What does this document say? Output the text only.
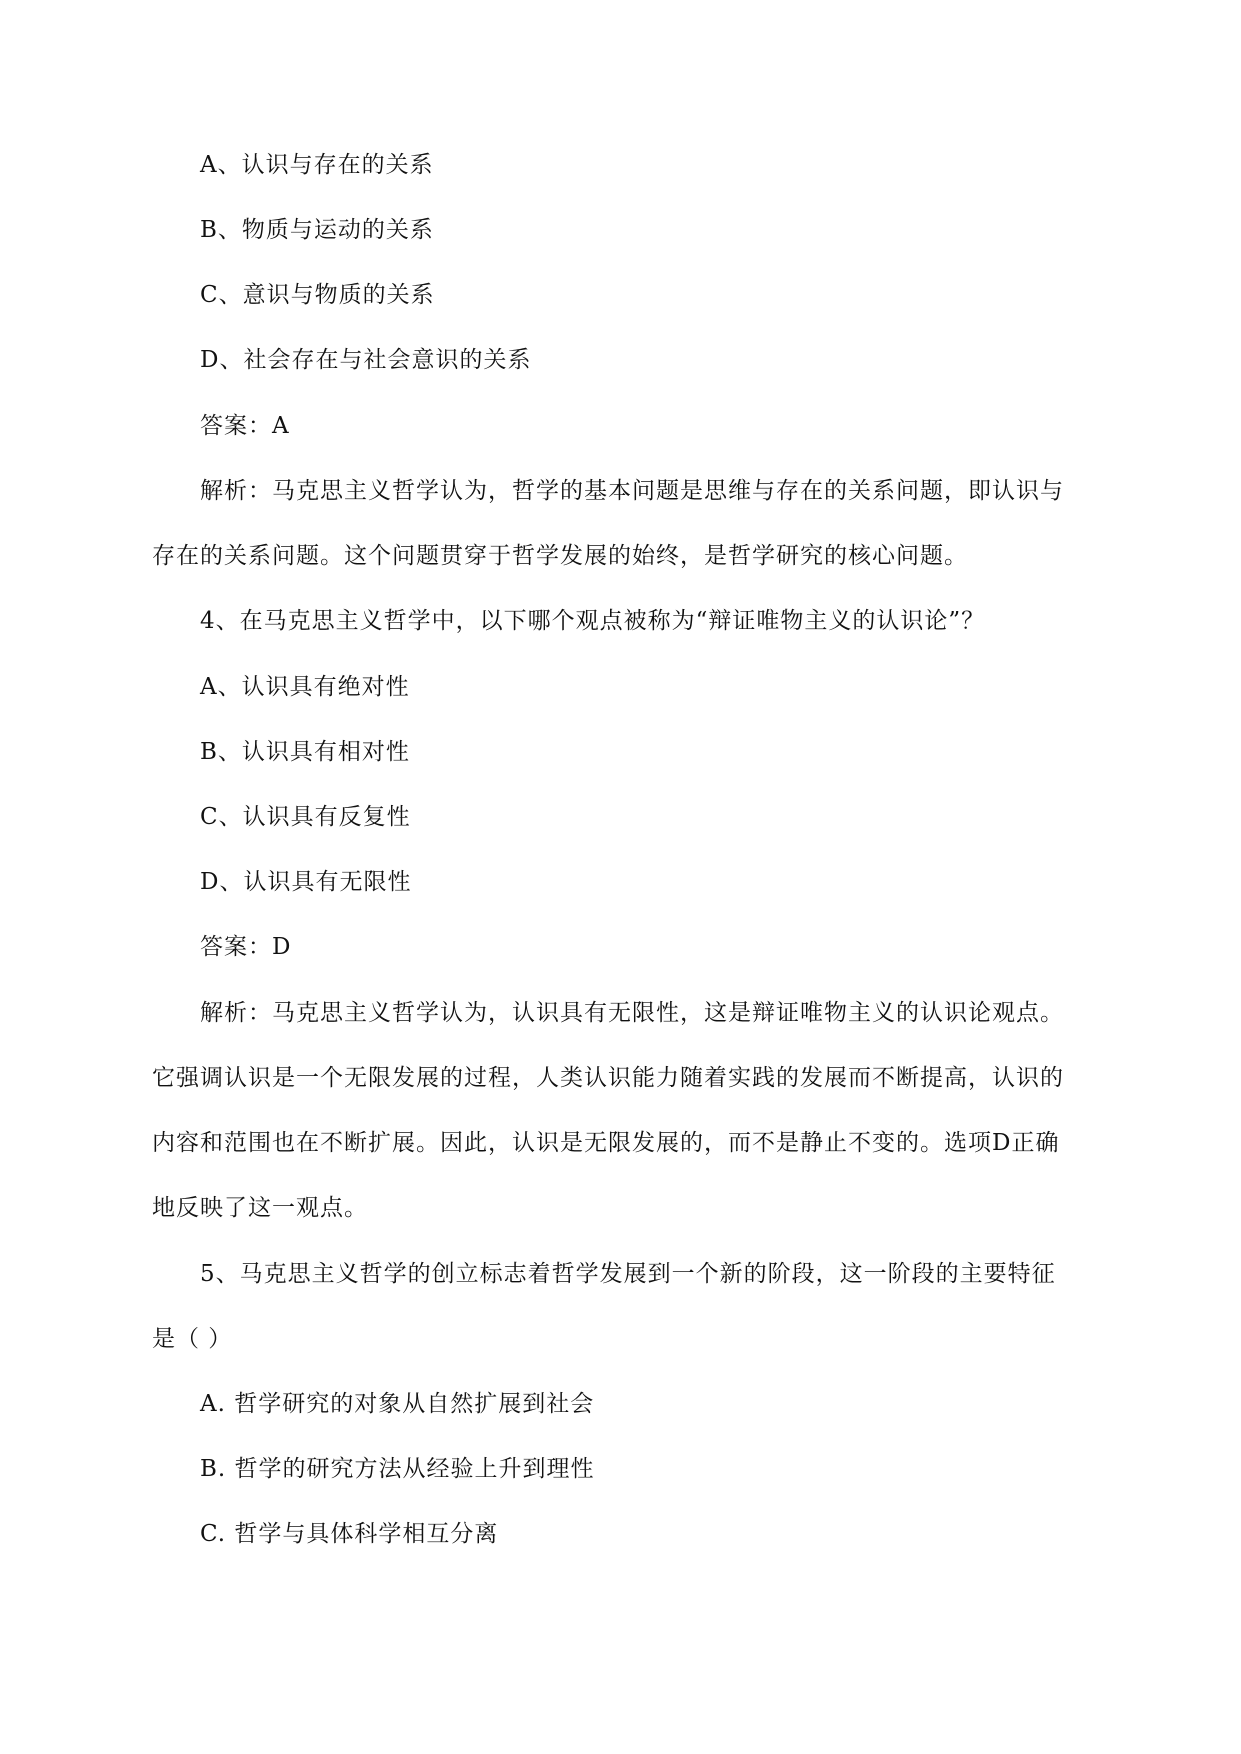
A、认识与存在的关系
B、物质与运动的关系
C、意识与物质的关系
D、社会存在与社会意识的关系
答案：A
解析：马克思主义哲学认为，哲学的基本问题是思维与存在的关系问题，即认识与
存在的关系问题。这个问题贯穿于哲学发展的始终，是哲学研究的核心问题。
4、在马克思主义哲学中，以下哪个观点被称为“辩证唯物主义的认识论”？
A、认识具有绝对性
B、认识具有相对性
C、认识具有反复性
D、认识具有无限性
答案：D
解析：马克思主义哲学认为，认识具有无限性，这是辩证唯物主义的认识论观点。
它强调认识是一个无限发展的过程，人类认识能力随着实践的发展而不断提高，认识的
内容和范围也在不断扩展。因此，认识是无限发展的，而不是静止不变的。选项D正确
地反映了这一观点。
5、马克思主义哲学的创立标志着哲学发展到一个新的阶段，这一阶段的主要特征
是（ ）
A. 哲学研究的对象从自然扩展到社会
B. 哲学的研究方法从经验上升到理性
C. 哲学与具体科学相互分离
